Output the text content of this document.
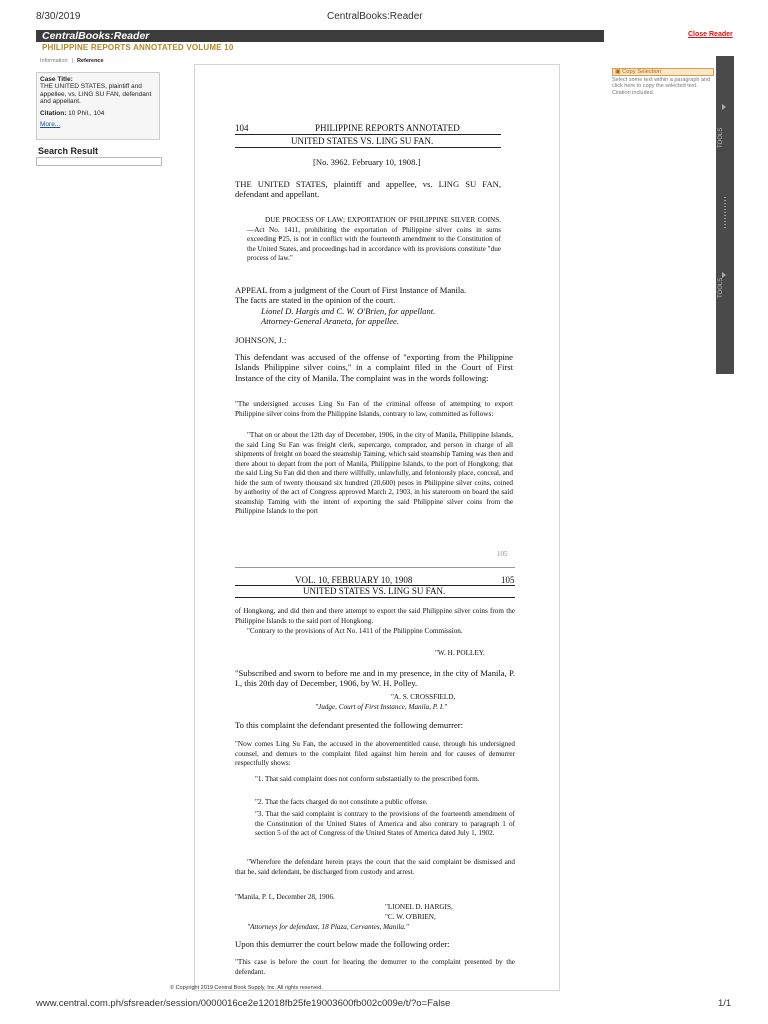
8/30/2019	CentralBooks:Reader
CentralBooks:Reader	Close Reader
PHILIPPINE REPORTS ANNOTATED VOLUME 10
Information | Reference
Case Title:
THE UNITED STATES, plaintiff and appellee, vs. LING SU FAN, defendant and appellant.
Citation: 10 Phil., 104
More...
Search Result
▣ Copy Selection
Select some text within a paragraph and click here to copy the selected text. Citation included.
TOOLS
TOOLS
104	PHILIPPINE REPORTS ANNOTATED
UNITED STATES VS. LING SU FAN.
[No. 3962. February 10, 1908.]
THE UNITED STATES, plaintiff and appellee, vs. LING SU FAN, defendant and appellant.
DUE PROCESS OF LAW; EXPORTATION OF PHILIPPINE SILVER COINS.—Act No. 1411, prohibiting the exportation of Philippine silver coins in sums exceeding ₱25, is not in conflict with the fourteenth amendment to the Constitution of the United States, and proceedings had in accordance with its provisions constitute "due process of law."
APPEAL from a judgment of the Court of First Instance of Manila.
The facts are stated in the opinion of the court.
Lionel D. Hargis and C. W. O'Brien, for appellant.
Attorney-General Araneta, for appellee.
JOHNSON, J.:
This defendant was accused of the offense of "exporting from the Philippine Islands Philippine silver coins," in a complaint filed in the Court of First Instance of the city of Manila. The complaint was in the words following:
"The undersigned accuses Ling Su Fan of the criminal offense of attempting to export Philippine silver coins from the Philippine Islands, contrary to law, committed as follows:
"That on or about the 12th day of December, 1906, in the city of Manila, Philippine Islands, the said Ling Su Fan was freight clerk, supercargo, comprador, and person in charge of all shipments of freight on board the steamship Taming, which said steamship Taming was then and there about to depart from the port of Manila, Philippine Islands, to the port of Hongkong; that the said Ling Su Fan did then and there willfully, unlawfully, and feloniously place, conceal, and hide the sum of twenty thousand six hundred (20,600) pesos in Philippine silver coins, coined by authority of the act of Congress approved March 2, 1903, in his stateroom on board the said steamship Taming with the intent of exporting the said Philippine silver coins from the Philippine Islands to the port
105
VOL. 10, FEBRUARY 10, 1908	105
UNITED STATES VS. LING SU FAN.
of Hongkong, and did then and there attempt to export the said Philippine silver coins from the Philippine Islands to the said port of Hongkong.
"Contrary to the provisions of Act No. 1411 of the Philippine Commission.
"W. H. POLLEY.
"Subscribed and sworn to before me and in my presence, in the city of Manila, P. I., this 20th day of December, 1906, by W. H. Polley.
"A. S. CROSSFIELD,
"Judge, Court of First Instance, Manila, P. I."
To this complaint the defendant presented the following demurrer:
"Now comes Ling Su Fan, the accused in the abovementitled cause, through his undersigned counsel, and demurs to the complaint filed against him herein and for causes of demurrer respectfully shows:
"1. That said complaint does not conform substantially to the prescribed form.
"2. That the facts charged do not constitute a public offense.
"3. That the said complaint is contrary to the provisions of the fourteenth amendment of the Constitution of the United States of America and also contrary to paragraph 1 of section 5 of the act of Congress of the United States of America dated July 1, 1902.
"Wherefore the defendant herein prays the court that the said complaint be dismissed and that he, said defendant, be discharged from custody and arrest.
"Manila, P. I., December 28, 1906.
"LIONEL D. HARGIS,
"C. W. O'BRIEN,
"Attorneys for defendant, 18 Plaza, Cervantes, Manila."
Upon this demurrer the court below made the following order:
"This case is before the court for hearing the demurrer to the complaint presented by the defendant.
© Copyright 2019 Central Book Supply, Inc. All rights reserved.
www.central.com.ph/sfsreader/session/0000016ce2e12018fb25fe19003600fb002c009e/t/?o=False	1/1
